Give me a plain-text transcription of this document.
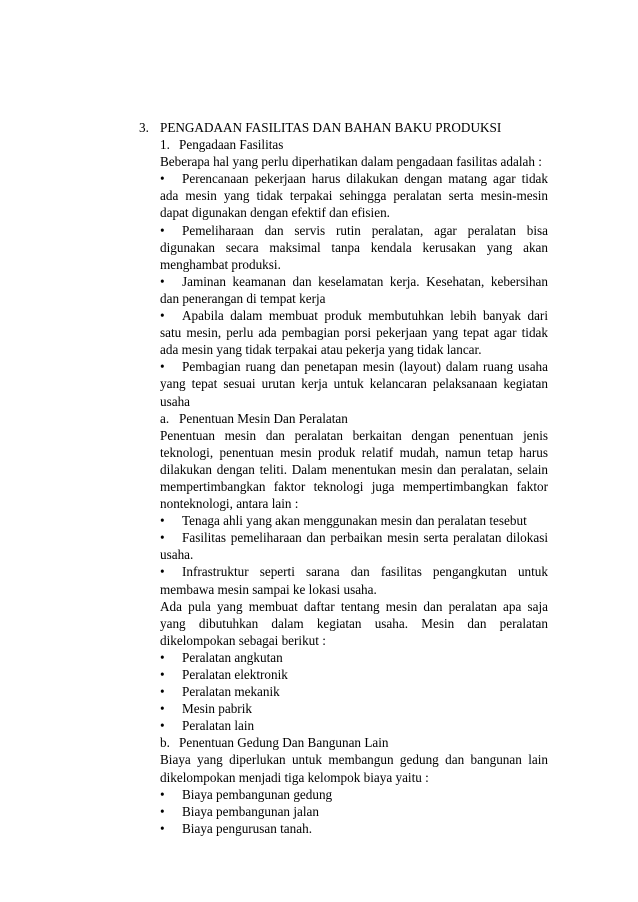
3. PENGADAAN FASILITAS DAN BAHAN BAKU PRODUKSI
1. Pengadaan Fasilitas

Beberapa hal yang perlu diperhatikan dalam pengadaan fasilitas adalah :

• Perencanaan pekerjaan harus dilakukan dengan matang agar tidak ada mesin yang tidak terpakai sehingga peralatan serta mesin-mesin dapat digunakan dengan efektif dan efisien.

• Pemeliharaan dan servis rutin peralatan, agar peralatan bisa digunakan secara maksimal tanpa kendala kerusakan yang akan menghambat produksi.

• Jaminan keamanan dan keselamatan kerja. Kesehatan, kebersihan dan penerangan di tempat kerja

• Apabila dalam membuat produk membutuhkan lebih banyak dari satu mesin, perlu ada pembagian porsi pekerjaan yang tepat agar tidak ada mesin yang tidak terpakai atau pekerja yang tidak lancar.

• Pembagian ruang dan penetapan mesin (layout) dalam ruang usaha yang tepat sesuai urutan kerja untuk kelancaran pelaksanaan kegiatan usaha

a. Penentuan Mesin Dan Peralatan

Penentuan mesin dan peralatan berkaitan dengan penentuan jenis teknologi, penentuan mesin produk relatif mudah, namun tetap harus dilakukan dengan teliti. Dalam menentukan mesin dan peralatan, selain mempertimbangkan faktor teknologi juga mempertimbangkan faktor nonteknologi, antara lain :

• Tenaga ahli yang akan menggunakan mesin dan peralatan tesebut

• Fasilitas pemeliharaan dan perbaikan mesin serta peralatan dilokasi usaha.

• Infrastruktur seperti sarana dan fasilitas pengangkutan untuk membawa mesin sampai ke lokasi usaha.

Ada pula yang membuat daftar tentang mesin dan peralatan apa saja yang dibutuhkan dalam kegiatan usaha. Mesin dan peralatan dikelompokan sebagai berikut :

• Peralatan angkutan

• Peralatan elektronik

• Peralatan mekanik

• Mesin pabrik

• Peralatan lain

b. Penentuan Gedung Dan Bangunan Lain

Biaya yang diperlukan untuk membangun gedung dan bangunan lain dikelompokan menjadi tiga kelompok biaya yaitu :

• Biaya pembangunan gedung

• Biaya pembangunan jalan

• Biaya pengurusan tanah.
